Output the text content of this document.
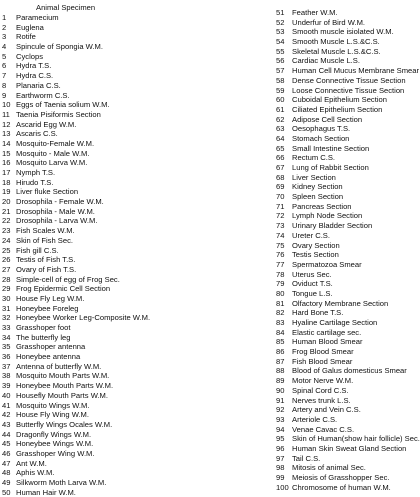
Animal Specimen
1	Paramecium
2	Euglena
3	Rotife
4	Spincule of Spongia W.M.
5	Cyclops
6	Hydra T.S.
7	Hydra C.S.
8	Planaria C.S.
9	Earthworm C.S.
10 Eggs of Taenia solium W.M.
11 Taenia Pisiformis Section
12 Ascarid Egg W.M.
13 Ascaris C.S.
14 Mosquito-Female W.M.
15 Mosquito - Male W.M.
16 Mosquito Larva W.M.
17 Nymph T.S.
18 Hirudo T.S.
19 Liver fluke Section
20 Drosophila - Female W.M.
21 Drosophila - Male W.M.
22 Drosophila - Larva W.M.
23 Fish Scales W.M.
24 Skin of Fish Sec.
25 Fish gill C.S.
26 Testis of Fish T.S.
27 Ovary of Fish T.S.
28 Simple-cell of egg of Frog Sec.
29 Frog Epidermic Cell Section
30 House Fly Leg W.M.
31 Honeybee Foreleg
32 Honeybee Worker Leg-Composite W.M.
33 Grasshoper foot
34 The butterfly leg
35 Grasshoper antenna
36 Honeybee antenna
37 Antenna of butterfly W.M.
38 Mosquito Mouth Parts W.M.
39 Honeybee Mouth Parts W.M.
40 Housefly Mouth Parts W.M.
41 Mosquito Wings W.M.
42 House Fly Wing W.M.
43 Butterfly Wings Ocales W.M.
44 Dragonfly Wings W.M.
45 Honeybee Wings W.M.
46 Grasshoper Wing W.M.
47 Ant W.M.
48 Aphis W.M.
49 Silkworm Moth Larva W.M.
50 Human Hair W.M.
51 Feather W.M.
52 Underfur of Bird W.M.
53 Smooth muscle isiolated W.M.
54 Smooth Muscle L.S.&C.S.
55 Skeletal Muscle L.S.&C.S.
56 Cardiac Muscle L.S.
57 Human Cell Mucus Membrane Smear
58 Dense Connective Tissue Section
59 Loose Connective Tissue Section
60 Cuboidal Epithelium Section
61 Ciliated Epithelium Section
62 Adipose Cell Section
63 Oesophagus T.S.
64 Stomach Section
65 Small Intestine Section
66 Rectum C.S.
67 Lung of Rabbit Section
68 Liver Section
69 Kidney Section
70 Spleen Section
71 Pancreas Section
72 Lymph Node Section
73 Urinary Bladder Section
74 Ureter C.S.
75 Ovary Section
76 Testis Section
77 Spermatozoa Smear
78 Uterus Sec.
79 Oviduct T.S.
80 Tongue L.S.
81 Olfactory Membrane Section
82 Hard Bone T.S.
83 Hyaline Cartilage Section
84 Elastic cartilage sec.
85 Human Blood Smear
86 Frog Blood Smear
87 Fish Blood Smear
88 Blood of Galus domesticus Smear
89 Motor Nerve W.M.
90 Spinal Cord C.S.
91 Nerves trunk L.S.
92 Artery and Vein C.S.
93 Arteriole C.S.
94 Venae Cavac C.S.
95 Skin of Human(show hair follicle) Sec.
96 Human Skin Sweat Gland Section
97 Tail C.S.
98 Mitosis of animal Sec.
99 Meiosis of Grasshopper Sec.
100 Chromosome of human W.M.
